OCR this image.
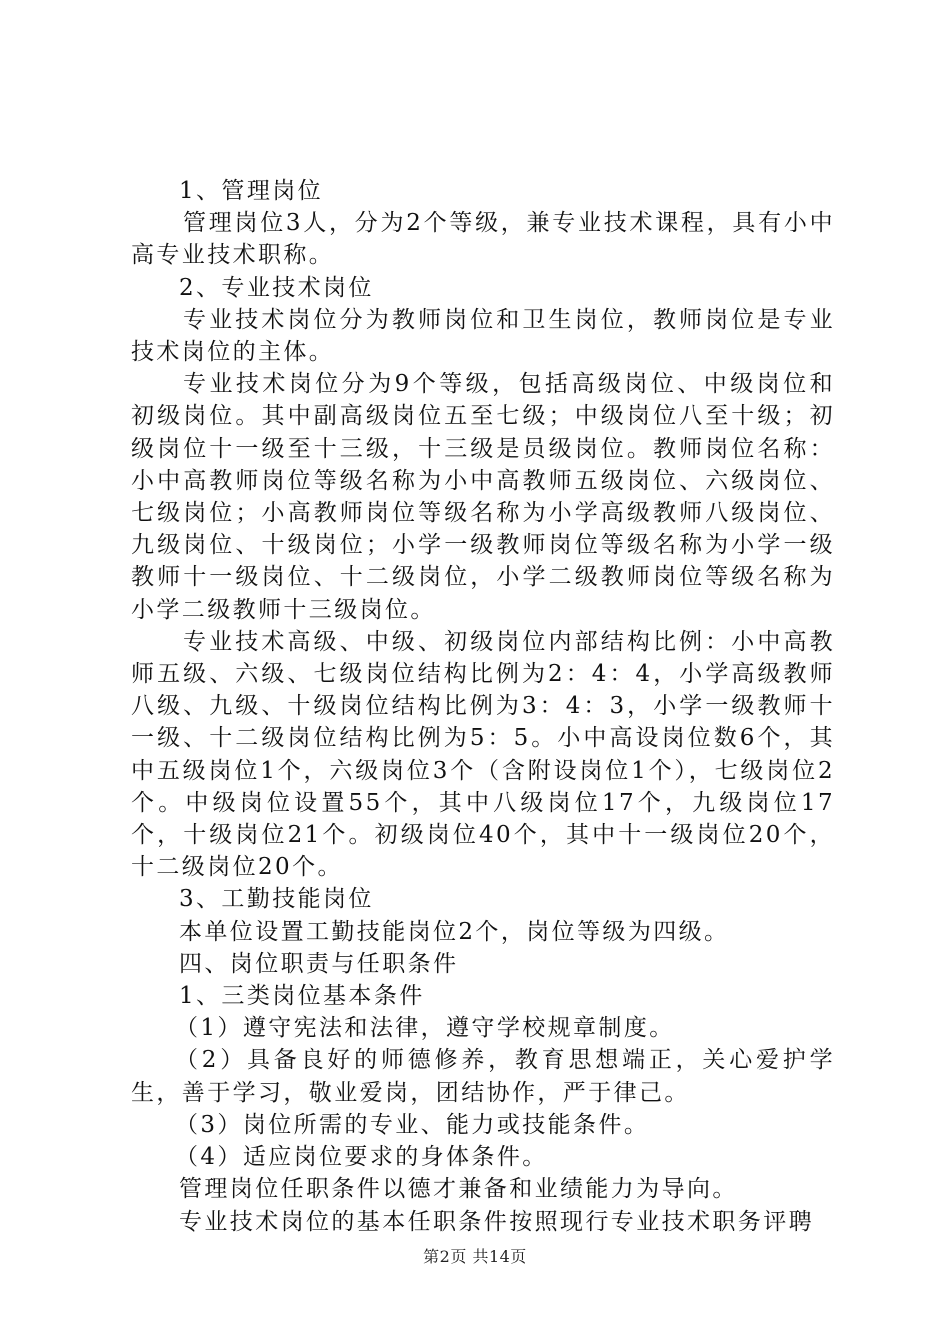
1、管理岗位

管理岗位3人，分为2个等级，兼专业技术课程，具有小中高专业技术职称。

2、专业技术岗位

专业技术岗位分为教师岗位和卫生岗位，教师岗位是专业技术岗位的主体。

专业技术岗位分为9个等级，包括高级岗位、中级岗位和初级岗位。其中副高级岗位五至七级；中级岗位八至十级；初级岗位十一级至十三级，十三级是员级岗位。教师岗位名称：小中高教师岗位等级名称为小中高教师五级岗位、六级岗位、七级岗位；小高教师岗位等级名称为小学高级教师八级岗位、九级岗位、十级岗位；小学一级教师岗位等级名称为小学一级教师十一级岗位、十二级岗位，小学二级教师岗位等级名称为小学二级教师十三级岗位。

专业技术高级、中级、初级岗位内部结构比例：小中高教师五级、六级、七级岗位结构比例为2：4：4，小学高级教师八级、九级、十级岗位结构比例为3：4：3，小学一级教师十一级、十二级岗位结构比例为5：5。小中高设岗位数6个，其中五级岗位1个，六级岗位3个（含附设岗位1个），七级岗位2个。中级岗位设置55个，其中八级岗位17个，九级岗位17个，十级岗位21个。初级岗位40个，其中十一级岗位20个，十二级岗位20个。

3、工勤技能岗位

本单位设置工勤技能岗位2个，岗位等级为四级。

四、岗位职责与任职条件

1、三类岗位基本条件

（1）遵守宪法和法律，遵守学校规章制度。

（2）具备良好的师德修养，教育思想端正，关心爱护学生，善于学习，敬业爱岗，团结协作，严于律己。

（3）岗位所需的专业、能力或技能条件。

（4）适应岗位要求的身体条件。

管理岗位任职条件以德才兼备和业绩能力为导向。

专业技术岗位的基本任职条件按照现行专业技术职务评聘

第2页 共14页
